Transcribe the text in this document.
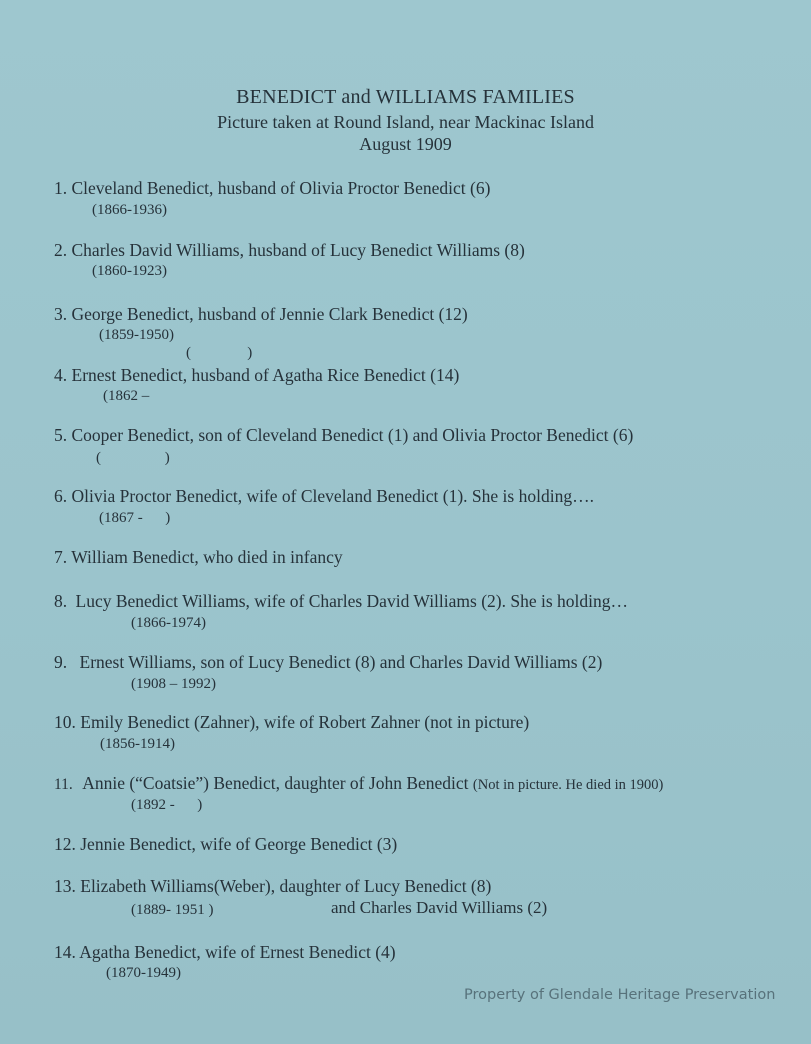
BENEDICT and WILLIAMS FAMILIES
Picture taken at Round Island, near Mackinac Island
August 1909
1. Cleveland Benedict, husband of Olivia Proctor Benedict (6)
(1866-1936)
2. Charles David Williams, husband of Lucy Benedict Williams (8)
(1860-1923)
3. George Benedict, husband of Jennie Clark Benedict (12)
(1859-1950)
(               )
4. Ernest Benedict, husband of Agatha Rice Benedict (14)
(1862 –
5. Cooper Benedict, son of Cleveland Benedict (1) and Olivia Proctor Benedict (6)
(                 )
6. Olivia Proctor Benedict, wife of Cleveland Benedict (1). She is holding….
(1867 -      )
7. William Benedict, who died in infancy
8. Lucy Benedict Williams, wife of Charles David Williams (2). She is holding…
(1866-1974)
9. Ernest Williams, son of Lucy Benedict (8) and Charles David Williams (2)
(1908 – 1992)
10. Emily Benedict (Zahner), wife of Robert Zahner (not in picture)
(1856-1914)
11. Annie (“Coatsie”) Benedict, daughter of John Benedict (Not in picture. He died in 1900)
(1892 -      )
12. Jennie Benedict, wife of George Benedict (3)
13. Elizabeth Williams(Weber), daughter of Lucy Benedict (8)
(1889- 1951 )	and Charles David Williams (2)
14. Agatha Benedict, wife of Ernest Benedict (4)
(1870-1949)
Property of Glendale Heritage Preservation
